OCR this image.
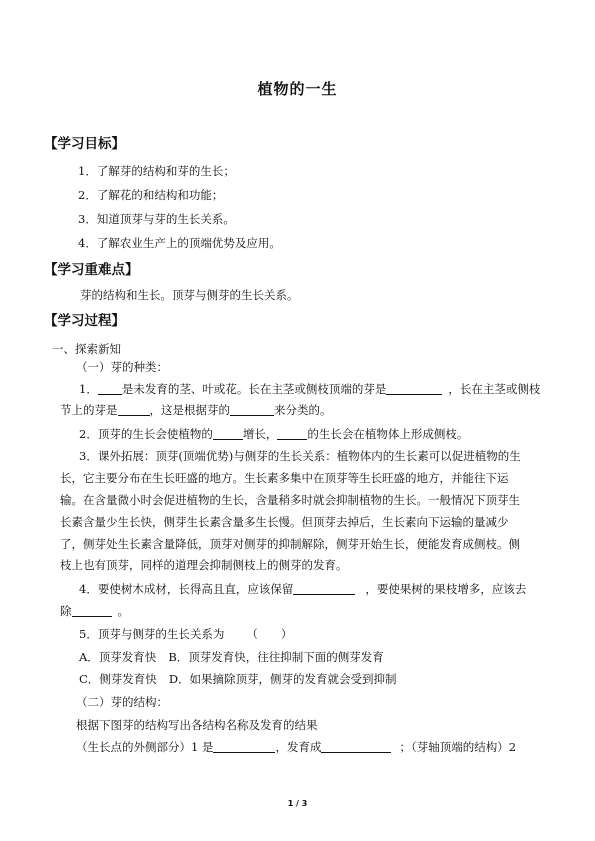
植物的一生
【学习目标】
1．了解芽的结构和芽的生长；
2．了解花的和结构和功能；
3．知道顶芽与芽的生长关系。
4．了解农业生产上的顶端优势及应用。
【学习重难点】
芽的结构和生长。顶芽与侧芽的生长关系。
【学习过程】
一、探索新知
（一）芽的种类：
1． 是未发育的茎、叶或花。长在主茎或侧枝顶端的芽是	，长在主茎或侧枝
节上的芽是	，这是根据芽的	来分类的。
2．顶芽的生长会使植物的	增长，	的生长会在植物体上形成侧枝。
3．课外拓展：顶芽(顶端优势)与侧芽的生长关系：植物体内的生长素可以促进植物的生
长，它主要分布在生长旺盛的地方。生长素多集中在顶芽等生长旺盛的地方，并能往下运
输。在含量微小时会促进植物的生长，含量稍多时就会抑制植物的生长。一般情况下顶芽生
长素含量少生长快，侧芽生长素含量多生长慢。但顶芽去掉后，生长素向下运输的量减少
了，侧芽处生长素含量降低，顶芽对侧芽的抑制解除，侧芽开始生长，便能发育成侧枝。侧
枝上也有顶芽，同样的道理会抑制侧枝上的侧芽的发育。
4．要使树木成材，长得高且直，应该保留	，要使果树的果枝增多，应该去
除	。
5．顶芽与侧芽的生长关系为 （　　）
A．顶芽发育快 B．顶芽发育快，往往抑制下面的侧芽发育
C．侧芽发育快 D．如果摘除顶芽，侧芽的发育就会受到抑制
（二）芽的结构：
根据下图芽的结构写出各结构名称及发育的结果
（生长点的外侧部分）1 是	，发育成	；（芽轴顶端的结构）2
1 / 3
